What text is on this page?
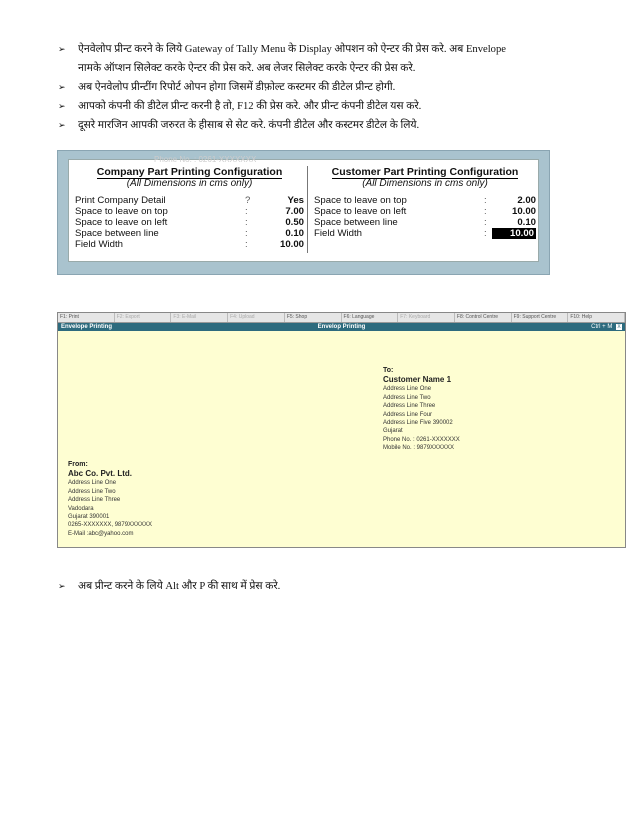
➢ ऐनवेलोप प्रीन्ट करने के लिये Gateway of Tally Menu के Display ओपशन को ऐन्टर की प्रेस करे. अब Envelope
नामके ऑप्शन सिलेक्ट करके ऐन्टर की प्रेस करे. अब लेजर सिलेक्ट करके ऐन्टर की प्रेस करे.
➢ अब ऐनवेलोप प्रीन्टींग रिपोर्ट ओपन होगा जिसमें डीफ़ोल्ट कस्टमर की डीटेल प्रीन्ट होगी.
➢ आपको कंपनी की डीटेल प्रीन्ट करनी है तो, F12 की प्रेस करे. और प्रीन्ट कंपनी डीटेल यस करे.
➢ दूसरे मारजिन आपकी जरुरत के हीसाब से सेट करे. कंपनी डीटेल और कस्टमर डीटेल के लिये.
Phone No. : 0261-XXXXXXX
Company Part Printing Configuration
(All Dimensions in cms only)
Print Company Detail	?	Yes
Space to leave on top	:	7.00
Space to leave on left	:	0.50
Space between line	:	0.10
Field Width	:	10.00
Customer Part Printing Configuration
(All Dimensions in cms only)
Space to leave on top	:	2.00
Space to leave on left	:	10.00
Space between line	:	0.10
Field Width	:	10.00
F1: Print	F2: Export	F3: E-Mail	F4: Upload	F5: Shop	F6: Language	F7: Keyboard	F8: Control Centre	F9: Support Centre	F10: Help
Envelope Printing	Envelop Printing	Ctrl + M X
To:
Customer Name 1
Address Line One
Address Line Two
Address Line Three
Address Line Four
Address Line Five 390002
Gujarat
Phone No. : 0261-XXXXXXX
Mobile No. : 9879XXXXXX
From:
Abc Co. Pvt. Ltd.
Address Line One
Address Line Two
Address Line Three
Vadodara
Gujarat 390001
0265-XXXXXXX, 9879XXXXXX
E-Mail :abc@yahoo.com
➢ अब प्रीन्ट करने के लिये Alt और P की साथ में प्रेस करे.
